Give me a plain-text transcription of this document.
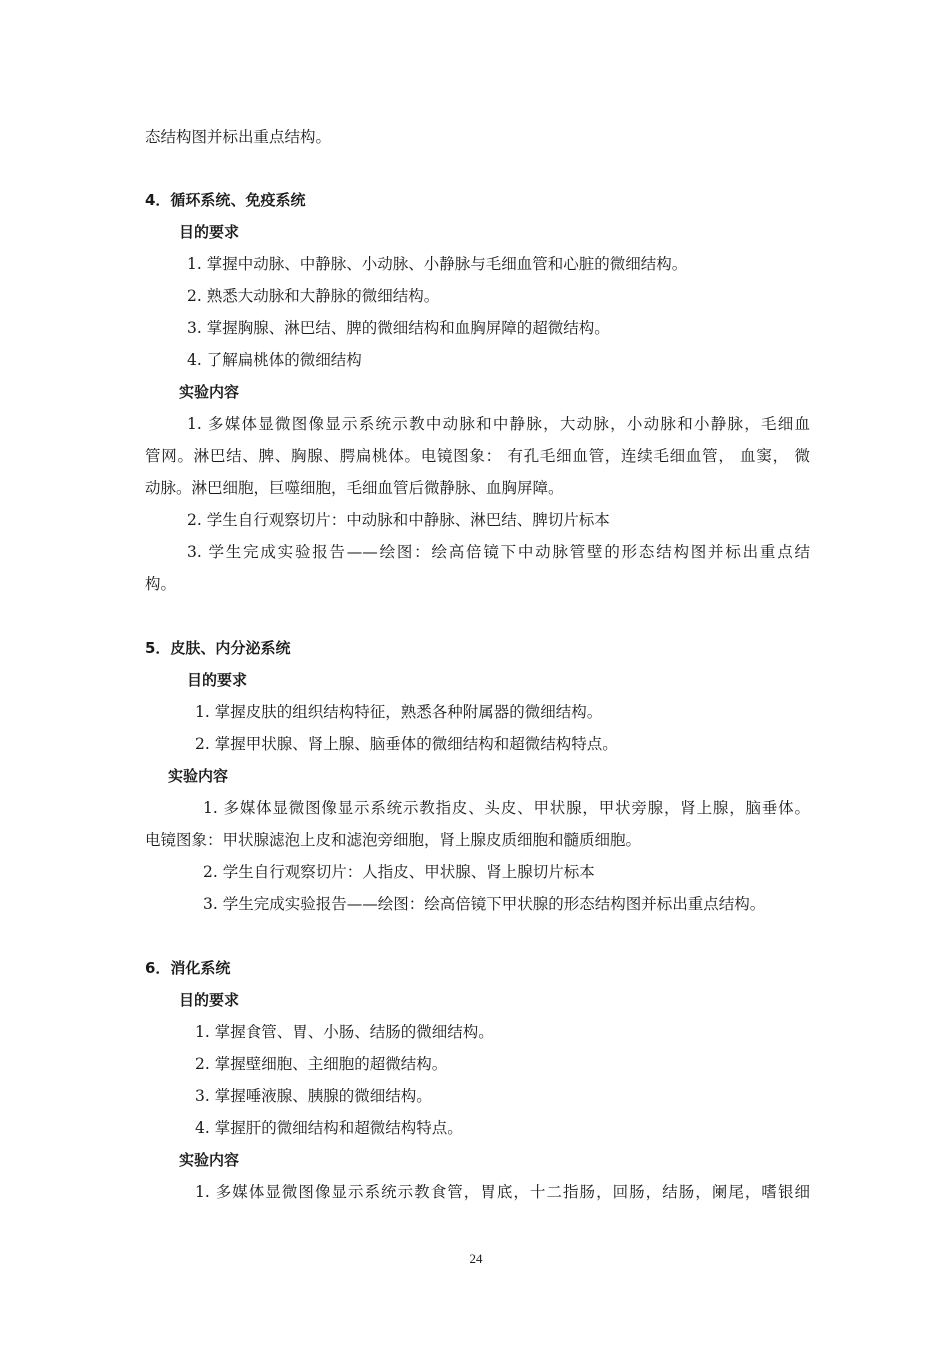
态结构图并标出重点结构。
4．循环系统、免疫系统
目的要求
1. 掌握中动脉、中静脉、小动脉、小静脉与毛细血管和心脏的微细结构。
2. 熟悉大动脉和大静脉的微细结构。
3. 掌握胸腺、淋巴结、脾的微细结构和血胸屏障的超微结构。
4. 了解扁桃体的微细结构
实验内容
1. 多媒体显微图像显示系统示教中动脉和中静脉，大动脉，小动脉和小静脉，毛细血
管网。淋巴结、脾、胸腺、腭扁桃体。电镜图象： 有孔毛细血管，连续毛细血管， 血窦， 微
动脉。淋巴细胞，巨噬细胞，毛细血管后微静脉、血胸屏障。
2. 学生自行观察切片：中动脉和中静脉、淋巴结、脾切片标本
3. 学生完成实验报告——绘图：绘高倍镜下中动脉管壁的形态结构图并标出重点结
构。
5．皮肤、内分泌系统
目的要求
1. 掌握皮肤的组织结构特征，熟悉各种附属器的微细结构。
2. 掌握甲状腺、肾上腺、脑垂体的微细结构和超微结构特点。
实验内容
1. 多媒体显微图像显示系统示教指皮、头皮、甲状腺，甲状旁腺，肾上腺，脑垂体。
电镜图象：甲状腺滤泡上皮和滤泡旁细胞，肾上腺皮质细胞和髓质细胞。
2. 学生自行观察切片：人指皮、甲状腺、肾上腺切片标本
3. 学生完成实验报告——绘图：绘高倍镜下甲状腺的形态结构图并标出重点结构。
6．消化系统
目的要求
1. 掌握食管、胃、小肠、结肠的微细结构。
2. 掌握壁细胞、主细胞的超微结构。
3. 掌握唾液腺、胰腺的微细结构。
4. 掌握肝的微细结构和超微结构特点。
实验内容
1. 多媒体显微图像显示系统示教食管，胃底，十二指肠，回肠，结肠，阑尾，嗜银细
24
